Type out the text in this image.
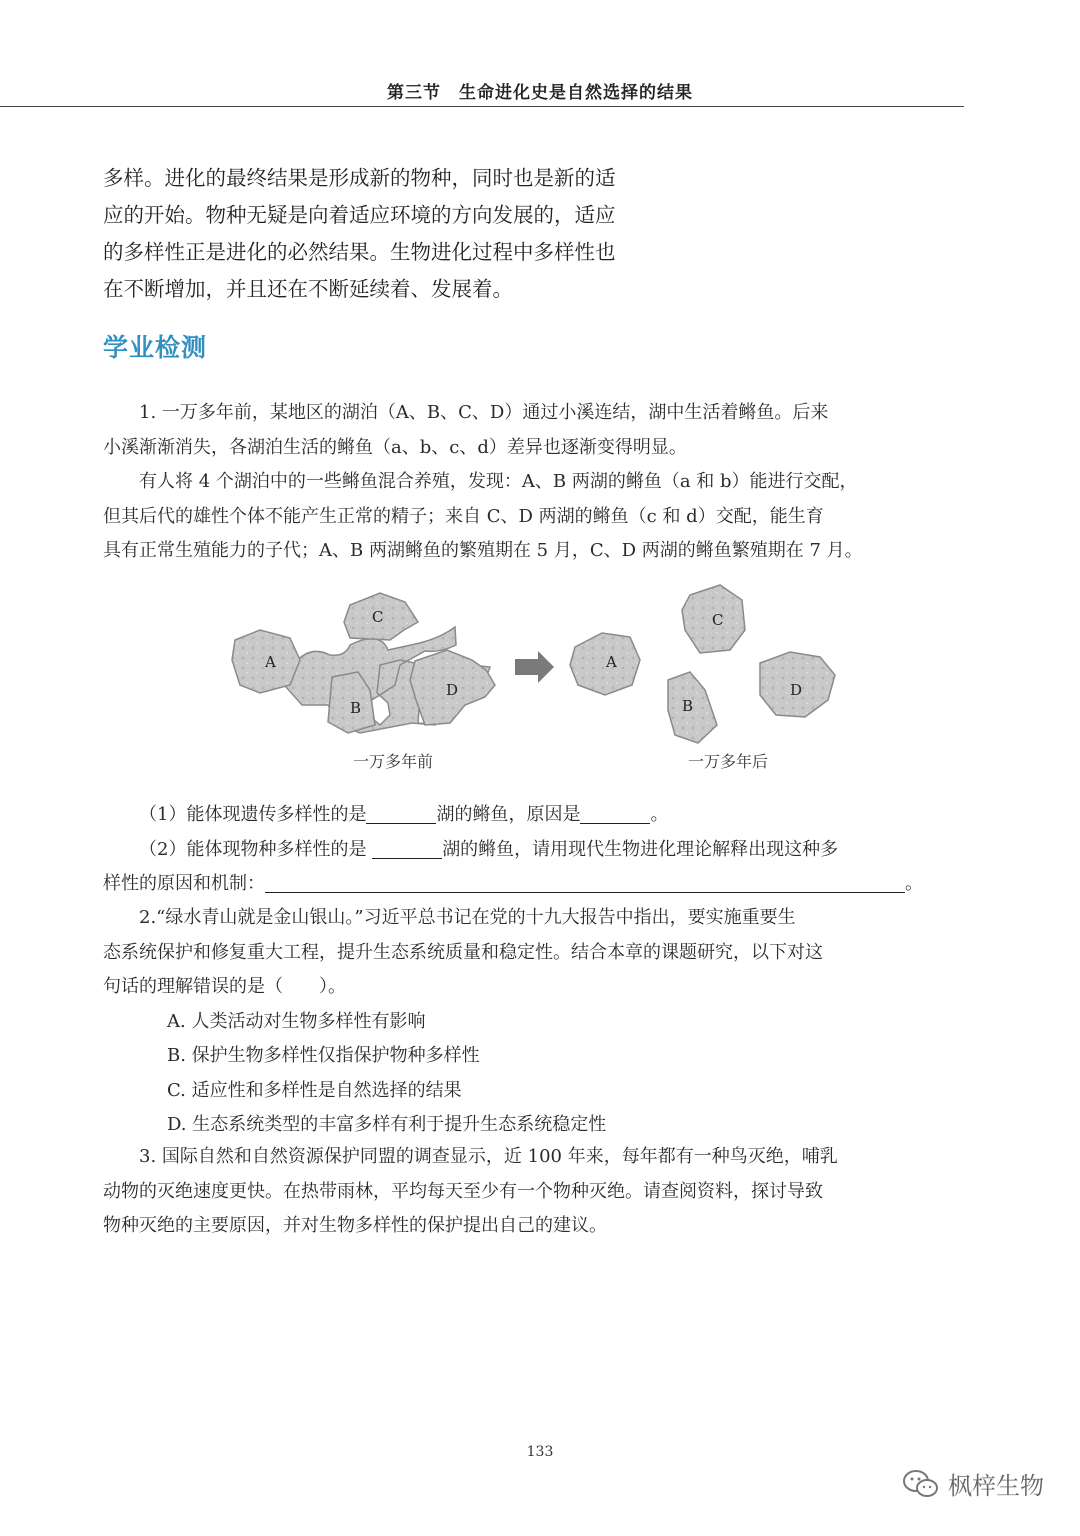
第三节　生命进化史是自然选择的结果

多样。进化的最终结果是形成新的物种，同时也是新的适

应的开始。物种无疑是向着适应环境的方向发展的，适应

的多样性正是进化的必然结果。生物进化过程中多样性也

在不断增加，并且还在不断延续着、发展着。

学业检测

1. 一万多年前，某地区的湖泊（A、B、C、D）通过小溪连结，湖中生活着鳉鱼。后来

小溪渐渐消失，各湖泊生活的鳉鱼（a、b、c、d）差异也逐渐变得明显。

有人将 4 个湖泊中的一些鳉鱼混合养殖，发现：A、B 两湖的鳉鱼（a 和 b）能进行交配，

但其后代的雄性个体不能产生正常的精子；来自 C、D 两湖的鳉鱼（c 和 d）交配，能生育

具有正常生殖能力的子代；A、B 两湖鳉鱼的繁殖期在 5 月，C、D 两湖的鳉鱼繁殖期在 7 月。

A
B
C
D
A
B
C
D
一万多年前	一万多年后

（1）能体现遗传多样性的是	湖的鳉鱼，原因是	。

（2）能体现物种多样性的是	湖的鳉鱼，请用现代生物进化理论解释出现这种多

样性的原因和机制：	。

2.“绿水青山就是金山银山。”习近平总书记在党的十九大报告中指出，要实施重要生

态系统保护和修复重大工程，提升生态系统质量和稳定性。结合本章的课题研究，以下对这

句话的理解错误的是（　　）。

A. 人类活动对生物多样性有影响

B. 保护生物多样性仅指保护物种多样性

C. 适应性和多样性是自然选择的结果

D. 生态系统类型的丰富多样有利于提升生态系统稳定性

3. 国际自然和自然资源保护同盟的调查显示，近 100 年来，每年都有一种鸟灭绝，哺乳

动物的灭绝速度更快。在热带雨林，平均每天至少有一个物种灭绝。请查阅资料，探讨导致

物种灭绝的主要原因，并对生物多样性的保护提出自己的建议。

133
枫梓生物
